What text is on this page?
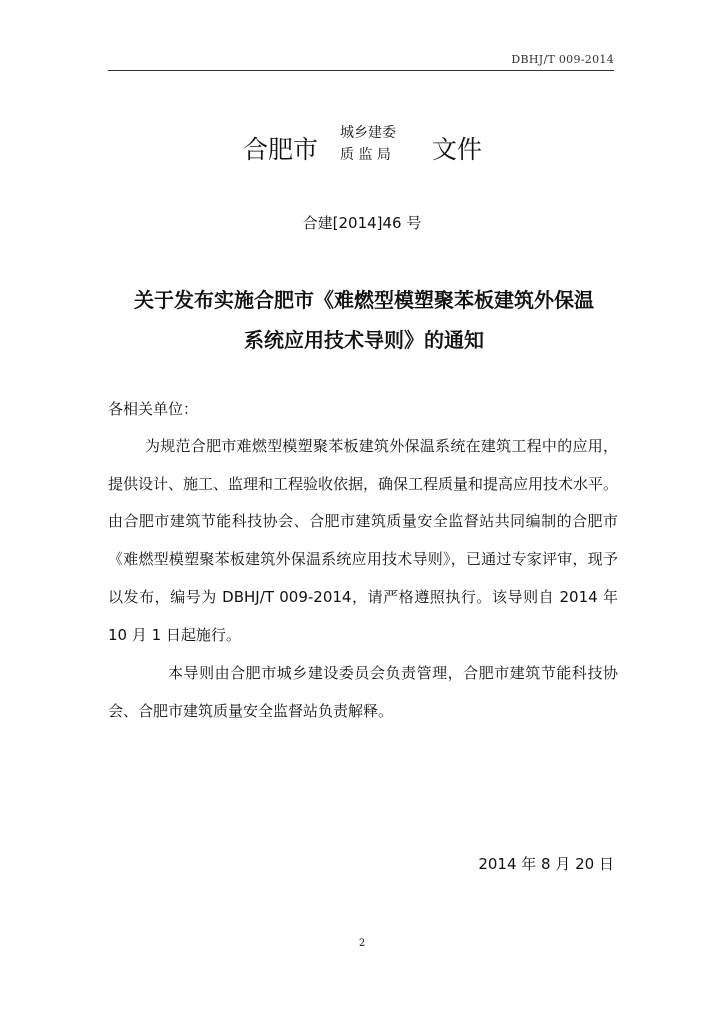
DBHJ/T 009-2014
合肥市
城乡建委
质 监 局 文件
合建[2014]46 号
关于发布实施合肥市《难燃型模塑聚苯板建筑外保温
系统应用技术导则》的通知
各相关单位：

为规范合肥市难燃型模塑聚苯板建筑外保温系统在建筑工程中的应用，提供设计、施工、监理和工程验收依据，确保工程质量和提高应用技术水平。由合肥市建筑节能科技协会、合肥市建筑质量安全监督站共同编制的合肥市《难燃型模塑聚苯板建筑外保温系统应用技术导则》，已通过专家评审，现予以发布，编号为 DBHJ/T 009-2014，请严格遵照执行。该导则自 2014 年 10 月 1 日起施行。

本导则由合肥市城乡建设委员会负责管理，合肥市建筑节能科技协会、合肥市建筑质量安全监督站负责解释。

2014 年 8 月 20 日
2
